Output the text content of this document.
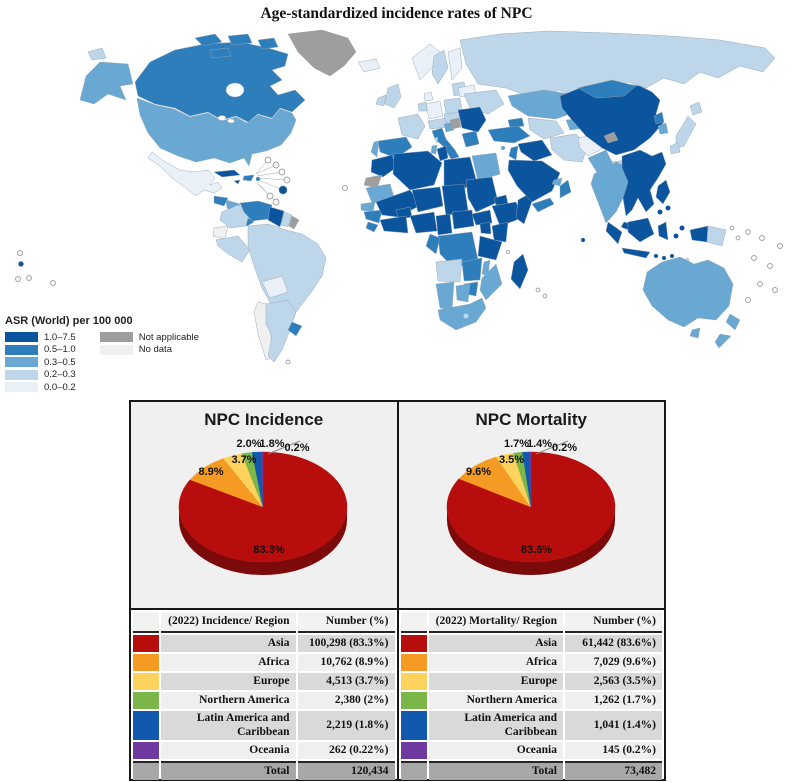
Age-standardized incidence rates of NPC
ASR (World) per 100 000
1.0–7.5
0.5–1.0
0.3–0.5
0.2–0.3
0.0–0.2
Not applicable
No data
NPC Incidence
2.0%
1.8% 0.2%
3.7%
8.9%
83.3%
	(2022) Incidence/ Region	Number (%)
	Asia	100,298 (83.3%)
	Africa	10,762 (8.9%)
	Europe	4,513 (3.7%)
	Northern America	2,380 (2%)
	Latin America and Caribbean	2,219 (1.8%)
	Oceania	262 (0.22%)
	Total	120,434
NPC Mortality
1.7%
1.4% 0.2%
3.5%
9.6%
83.6%
	(2022) Mortality/ Region	Number (%)
	Asia	61,442 (83.6%)
	Africa	7,029 (9.6%)
	Europe	2,563 (3.5%)
	Northern America	1,262 (1.7%)
	Latin America and Caribbean	1,041 (1.4%)
	Oceania	145 (0.2%)
	Total	73,482
